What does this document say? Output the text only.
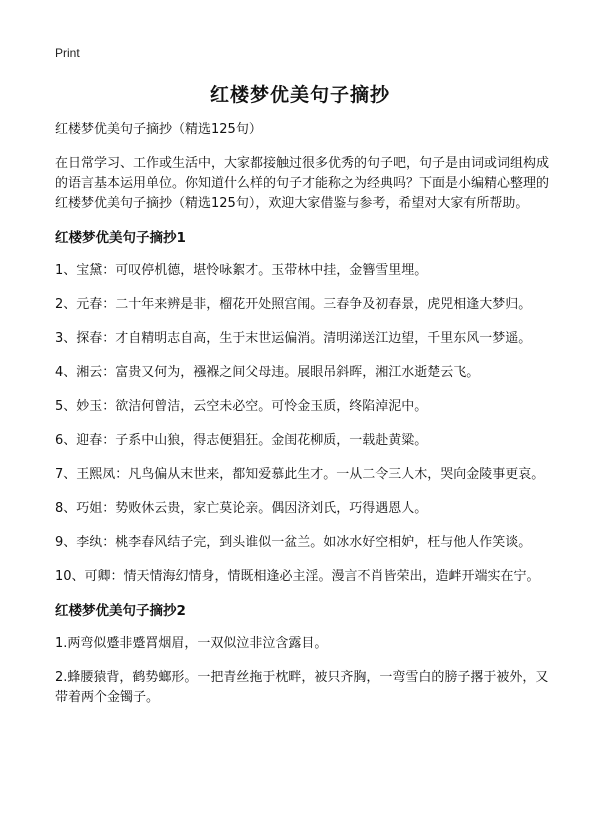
Print
红楼梦优美句子摘抄
红楼梦优美句子摘抄（精选125句）
在日常学习、工作或生活中，大家都接触过很多优秀的句子吧，句子是由词或词组构成的语言基本运用单位。你知道什么样的句子才能称之为经典吗？下面是小编精心整理的红楼梦优美句子摘抄（精选125句），欢迎大家借鉴与参考，希望对大家有所帮助。
红楼梦优美句子摘抄1
1、宝黛：可叹停机德，堪怜咏絮才。玉带林中挂，金簪雪里埋。
2、元春：二十年来辨是非，榴花开处照宫闱。三春争及初春景，虎兕相逢大梦归。
3、探春：才自精明志自高，生于末世运偏消。清明涕送江边望，千里东风一梦遥。
4、湘云：富贵又何为，襁褓之间父母违。展眼吊斜晖，湘江水逝楚云飞。
5、妙玉：欲洁何曾洁，云空未必空。可怜金玉质，终陷淖泥中。
6、迎春：子系中山狼，得志便猖狂。金闺花柳质，一载赴黄粱。
7、王熙凤：凡鸟偏从末世来，都知爱慕此生才。一从二令三人木，哭向金陵事更哀。
8、巧姐：势败休云贵，家亡莫论亲。偶因济刘氏，巧得遇恩人。
9、李纨：桃李春风结子完，到头谁似一盆兰。如冰水好空相妒，枉与他人作笑谈。
10、可卿：情天情海幻情身，情既相逢必主淫。漫言不肖皆荣出，造衅开端实在宁。
红楼梦优美句子摘抄2
1.两弯似蹙非蹙罥烟眉，一双似泣非泣含露目。
2.蜂腰猿背，鹤势螂形。一把青丝拖于枕畔，被只齐胸，一弯雪白的膀子撂于被外，又带着两个金镯子。
